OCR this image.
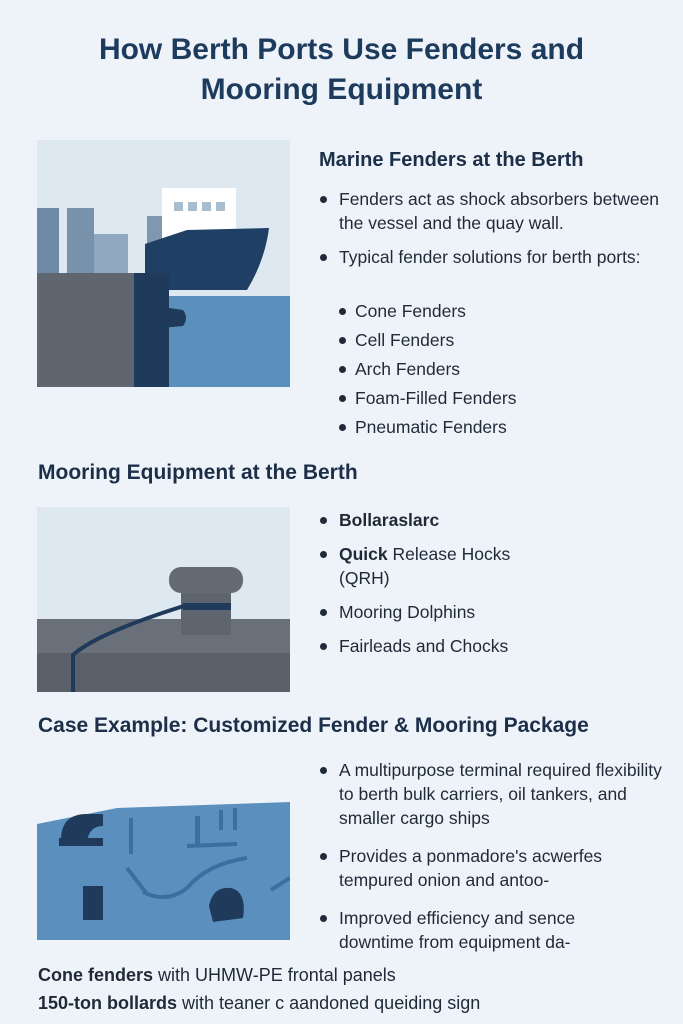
How Berth Ports Use Fenders and
Mooring Equipment
Marine Fenders at the Berth
Fenders act as shock absorbers between the vessel and the quay wall.
Typical fender solutions for berth ports:
Cone Fenders
Cell Fenders
Arch Fenders
Foam-Filled Fenders
Pneumatic Fenders
Mooring Equipment at the Berth
Bollaraslarc
Quick Release Hocks (QRH)
Mooring Dolphins
Fairleads and Chocks
Case Example: Customized Fender & Mooring Package
A multipurpose terminal required flexibility to berth bulk carriers, oil tankers, and smaller cargo ships
Provides a ponmadore's acwerfes tempured onion and antoo-
Improved efficiency and sence downtime from equipment da-
Cone fenders with UHMW-PE frontal panels
150-ton bollards with teaner c aandoned queiding sign
